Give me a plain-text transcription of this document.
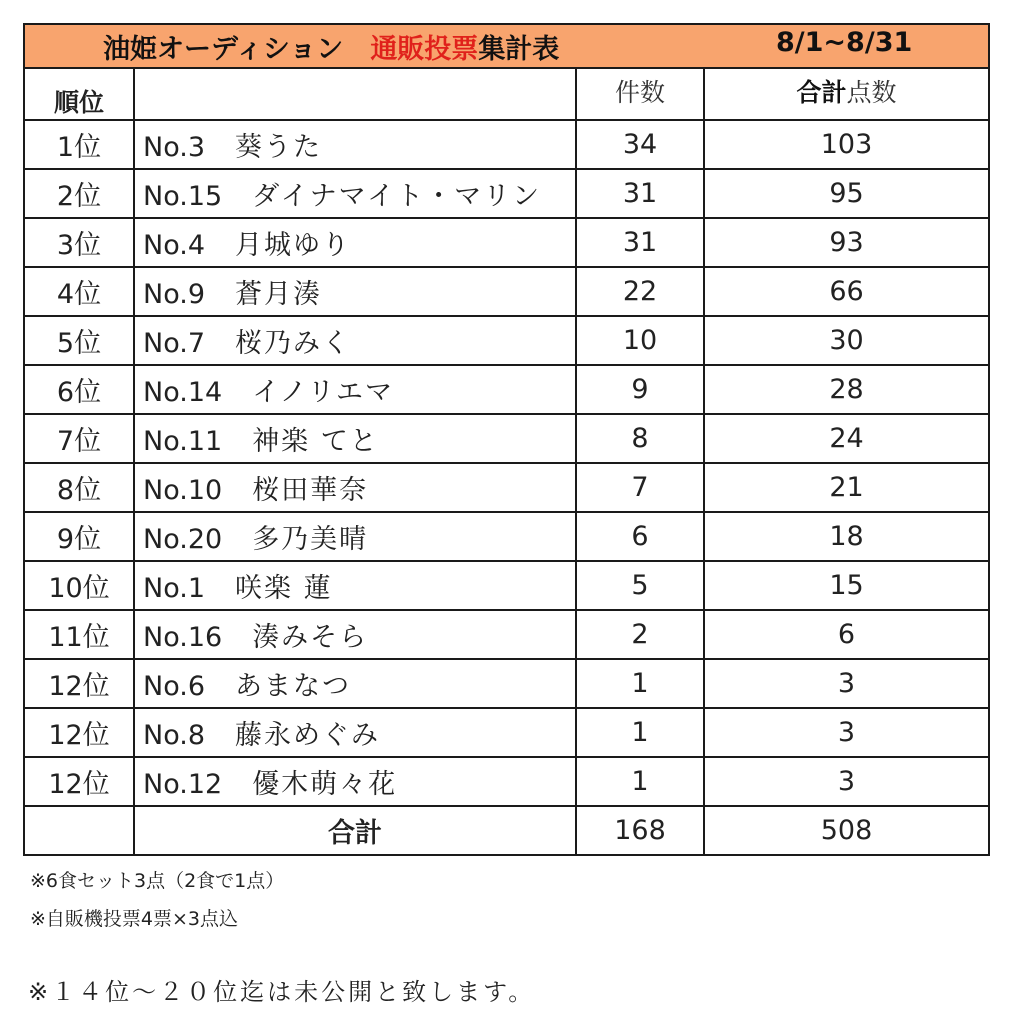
油姫オーディション　通販投票集計表 8/1~8/31			

順位		件数	合計点数

1位	No.3 葵うた	34	103
2位	No.15 ダイナマイト・マリン	31	95
3位	No.4 月城ゆり	31	93
4位	No.9 蒼月湊	22	66
5位	No.7 桜乃みく	10	30
6位	No.14 イノリエマ	9	28
7位	No.11 神楽 てと	8	24
8位	No.10 桜田華奈	7	21
9位	No.20 多乃美晴	6	18
10位	No.1 咲楽 蓮	5	15
11位	No.16 湊みそら	2	6
12位	No.6 あまなつ	1	3
12位	No.8 藤永めぐみ	1	3
12位	No.12 優木萌々花	1	3
	合計	168	508
※6食セット3点（2食で1点）
※自販機投票4票×3点込
※１４位～２０位迄は未公開と致します。
